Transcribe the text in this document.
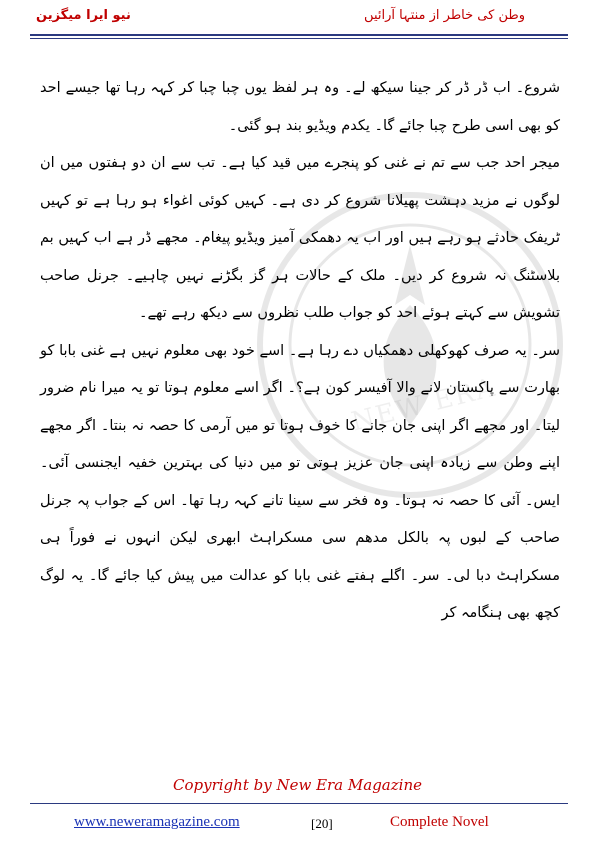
نیو ایرا میگزین	وطن کی خاطر از منتہا آرائیں
NEW ERA

شروع۔ اب ڈر ڈر کر جینا سیکھ لے۔ وہ ہر لفظ یوں چبا چبا کر کہہ رہا تھا جیسے احد کو بھی اسی طرح چبا جائے گا۔ یکدم ویڈیو بند ہو گئی۔

میجر احد جب سے تم نے غنی کو پنجرے میں قید کیا ہے۔ تب سے ان دو ہفتوں میں ان لوگوں نے مزید دہشت پھیلانا شروع کر دی ہے۔ کہیں کوئی اغواء ہو رہا ہے تو کہیں ٹریفک حادثے ہو رہے ہیں اور اب یہ دھمکی آمیز ویڈیو پیغام۔ مجھے ڈر ہے اب کہیں بم بلاسٹنگ نہ شروع کر دیں۔ ملک کے حالات ہر گز بگڑنے نہیں چاہیے۔ جرنل صاحب تشویش سے کہتے ہوئے احد کو جواب طلب نظروں سے دیکھ رہے تھے۔

سر۔ یہ صرف کھوکھلی دھمکیاں دے رہا ہے۔ اسے خود بھی معلوم نہیں ہے غنی بابا کو بھارت سے پاکستان لانے والا آفیسر کون ہے؟۔ اگر اسے معلوم ہوتا تو یہ میرا نام ضرور لیتا۔ اور مجھے اگر اپنی جان جانے کا خوف ہوتا تو میں آرمی کا حصہ نہ بنتا۔ اگر مجھے اپنے وطن سے زیادہ اپنی جان عزیز ہوتی تو میں دنیا کی بہترین خفیہ ایجنسی آئی۔ ایس۔ آئی کا حصہ نہ ہوتا۔ وہ فخر سے سینا تانے کہہ رہا تھا۔ اس کے جواب پہ جرنل صاحب کے لبوں پہ بالکل مدھم سی مسکراہٹ ابھری لیکن انہوں نے فوراً ہی مسکراہٹ دبا لی۔ سر۔ اگلے ہفتے غنی بابا کو عدالت میں پیش کیا جائے گا۔ یہ لوگ کچھ بھی ہنگامہ کر

Copyright by New Era Magazine
www.neweramagazine.com	[20]	Complete Novel
